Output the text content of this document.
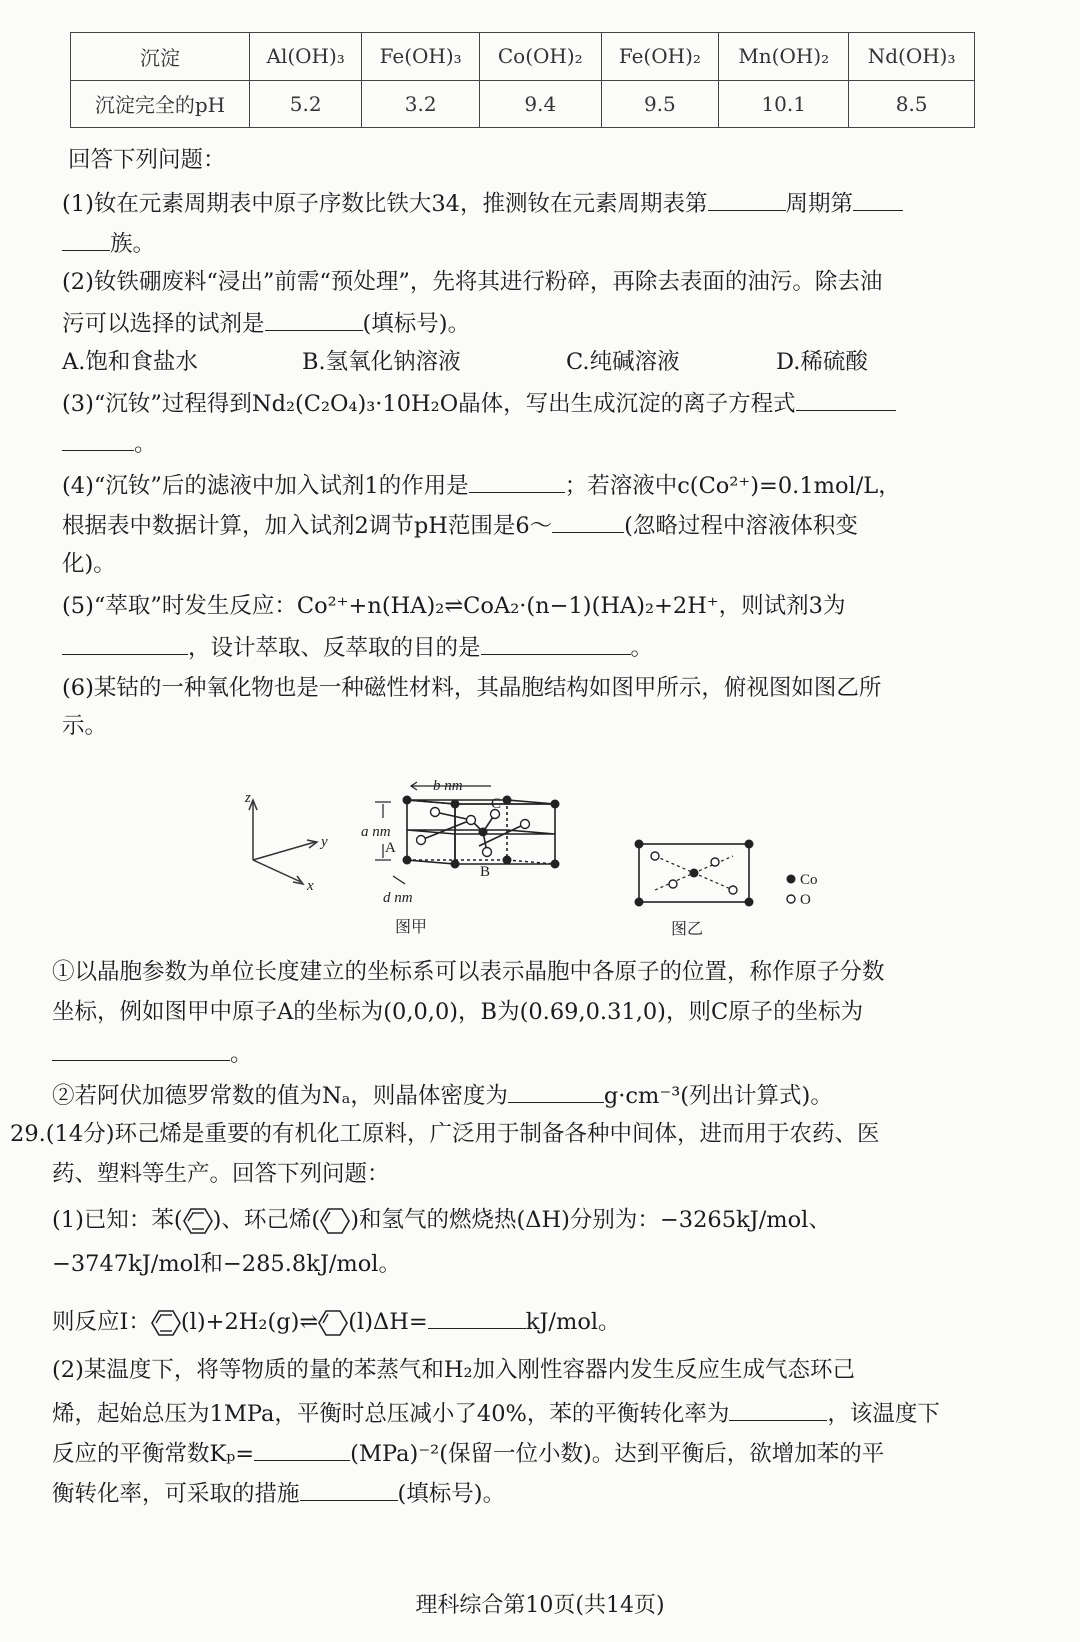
沉淀	Al(OH)₃	Fe(OH)₃	Co(OH)₂	Fe(OH)₂	Mn(OH)₂	Nd(OH)₃
沉淀完全的pH	5.2	3.2	9.4	9.5	10.1	8.5
回答下列问题：
(1)钕在元素周期表中原子序数比铁大34，推测钕在元素周期表第	周期第
族。
(2)钕铁硼废料“浸出”前需“预处理”，先将其进行粉碎，再除去表面的油污。除去油
污可以选择的试剂是	(填标号)。
A.饱和食盐水	B.氢氧化钠溶液	C.纯碱溶液	D.稀硫酸
(3)“沉钕”过程得到Nd₂(C₂O₄)₃·10H₂O晶体，写出生成沉淀的离子方程式
。
(4)“沉钕”后的滤液中加入试剂1的作用是	；若溶液中c(Co²⁺)=0.1mol/L，
根据表中数据计算，加入试剂2调节pH范围是6～	(忽略过程中溶液体积变
化)。
(5)“萃取”时发生反应：Co²⁺+n(HA)₂⇌CoA₂·(n−1)(HA)₂+2H⁺，则试剂3为
，设计萃取、反萃取的目的是	。
(6)某钴的一种氧化物也是一种磁性材料，其晶胞结构如图甲所示，俯视图如图乙所
示。
z
y
x
b nm
a nm
d nm
A
B
C
图甲	图乙
Co
O
①以晶胞参数为单位长度建立的坐标系可以表示晶胞中各原子的位置，称作原子分数
坐标，例如图甲中原子A的坐标为(0,0,0)，B为(0.69,0.31,0)，则C原子的坐标为
。
②若阿伏加德罗常数的值为Nₐ，则晶体密度为	g·cm⁻³(列出计算式)。
29.(14分)环己烯是重要的有机化工原料，广泛用于制备各种中间体，进而用于农药、医
药、塑料等生产。回答下列问题：
(1)已知：苯( )、环己烯( )和氢气的燃烧热(ΔH)分别为：−3265kJ/mol、
−3747kJ/mol和−285.8kJ/mol。
则反应Ⅰ： (l)+2H₂(g)⇌ (l)ΔH=	kJ/mol。
(2)某温度下，将等物质的量的苯蒸气和H₂加入刚性容器内发生反应生成气态环己
烯，起始总压为1MPa，平衡时总压减小了40%，苯的平衡转化率为	，该温度下
反应的平衡常数Kₚ=	(MPa)⁻²(保留一位小数)。达到平衡后，欲增加苯的平
衡转化率，可采取的措施	(填标号)。
理科综合第10页(共14页)
